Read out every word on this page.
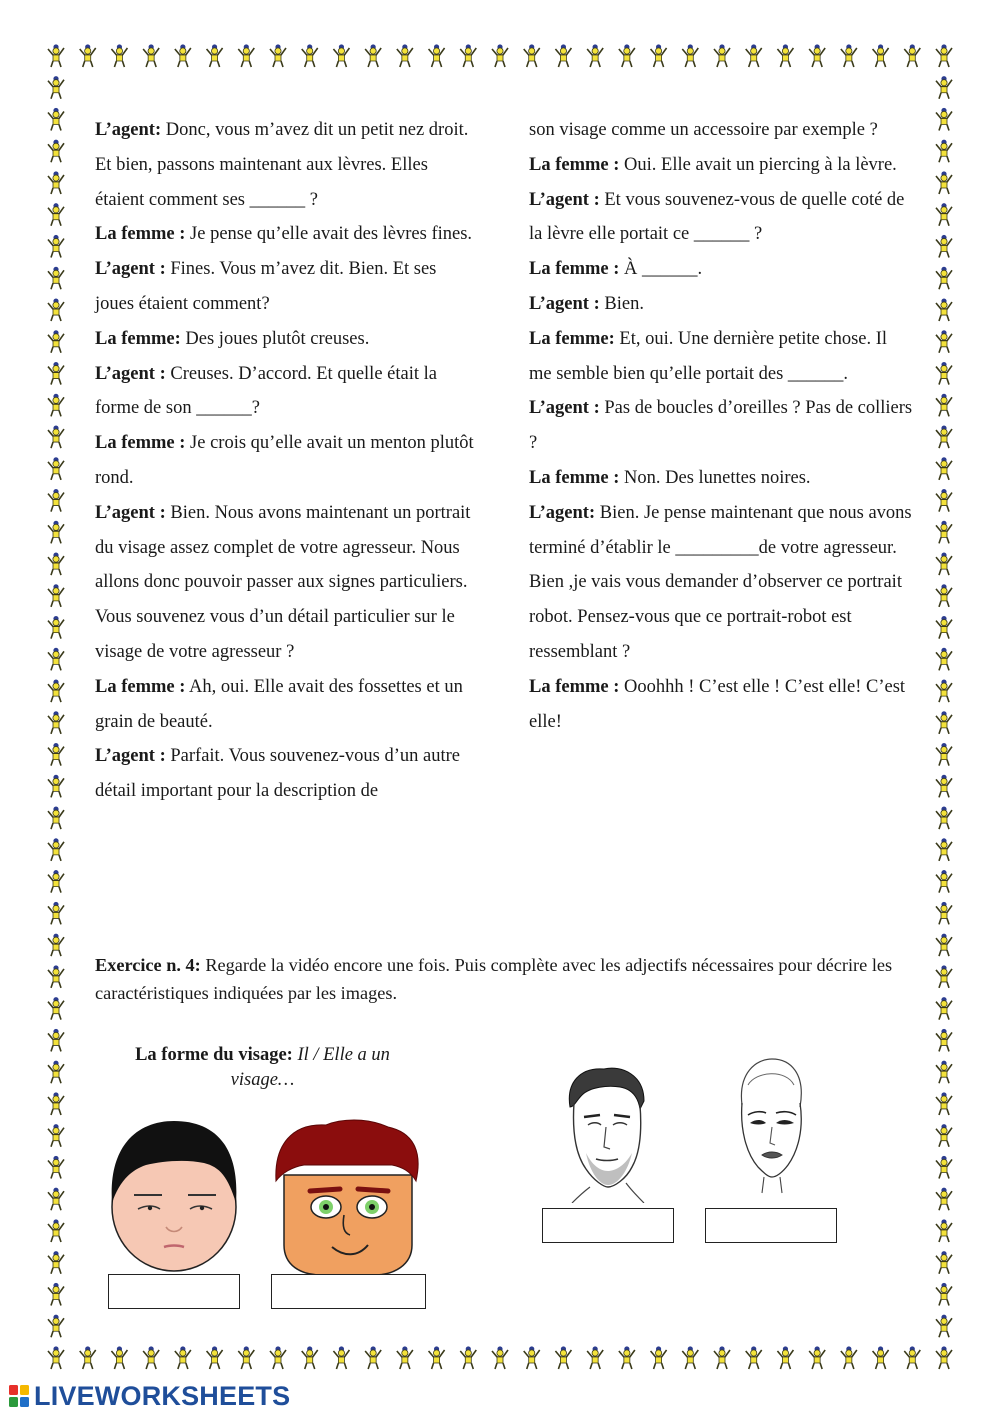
L’agent: Donc, vous m’avez dit un petit nez droit. Et bien, passons maintenant aux lèvres. Elles étaient comment ses ______ ?

La femme : Je pense qu’elle avait des lèvres fines.

L’agent : Fines. Vous m’avez dit. Bien. Et ses joues étaient comment?

La femme: Des joues plutôt creuses.

L’agent : Creuses. D’accord. Et quelle était la forme de son ______?

La femme : Je crois qu’elle avait un menton plutôt rond.

L’agent : Bien. Nous avons maintenant un portrait du visage assez complet de votre agresseur. Nous allons donc pouvoir passer aux signes particuliers. Vous souvenez vous d’un détail particulier sur le visage de votre agresseur ?

La femme : Ah, oui. Elle avait des fossettes et un grain de beauté.

L’agent : Parfait. Vous souvenez-vous d’un autre détail important pour la description de

son visage comme un accessoire par exemple ?

La femme : Oui. Elle avait un piercing à la lèvre.

L’agent : Et vous souvenez-vous de quelle coté de la lèvre elle portait ce ______ ?

La femme : À ______.

L’agent : Bien.

La femme: Et, oui. Une dernière petite chose. Il me semble bien qu’elle portait des ______.

L’agent : Pas de boucles d’oreilles ? Pas de colliers ?

La femme : Non. Des lunettes noires.

L’agent: Bien. Je pense maintenant que nous avons terminé d’établir le _________de votre agresseur. Bien ,je vais vous demander d’observer ce portrait robot. Pensez-vous que ce portrait-robot est ressemblant ?

La femme : Ooohhh ! C’est elle ! C’est elle! C’est elle!

Exercice n. 4: Regarde la vidéo encore une fois. Puis complète avec les adjectifs nécessaires pour décrire les caractéristiques indiquées par les images.
La forme du visage: Il / Elle a un visage…
LIVEWORKSHEETS
